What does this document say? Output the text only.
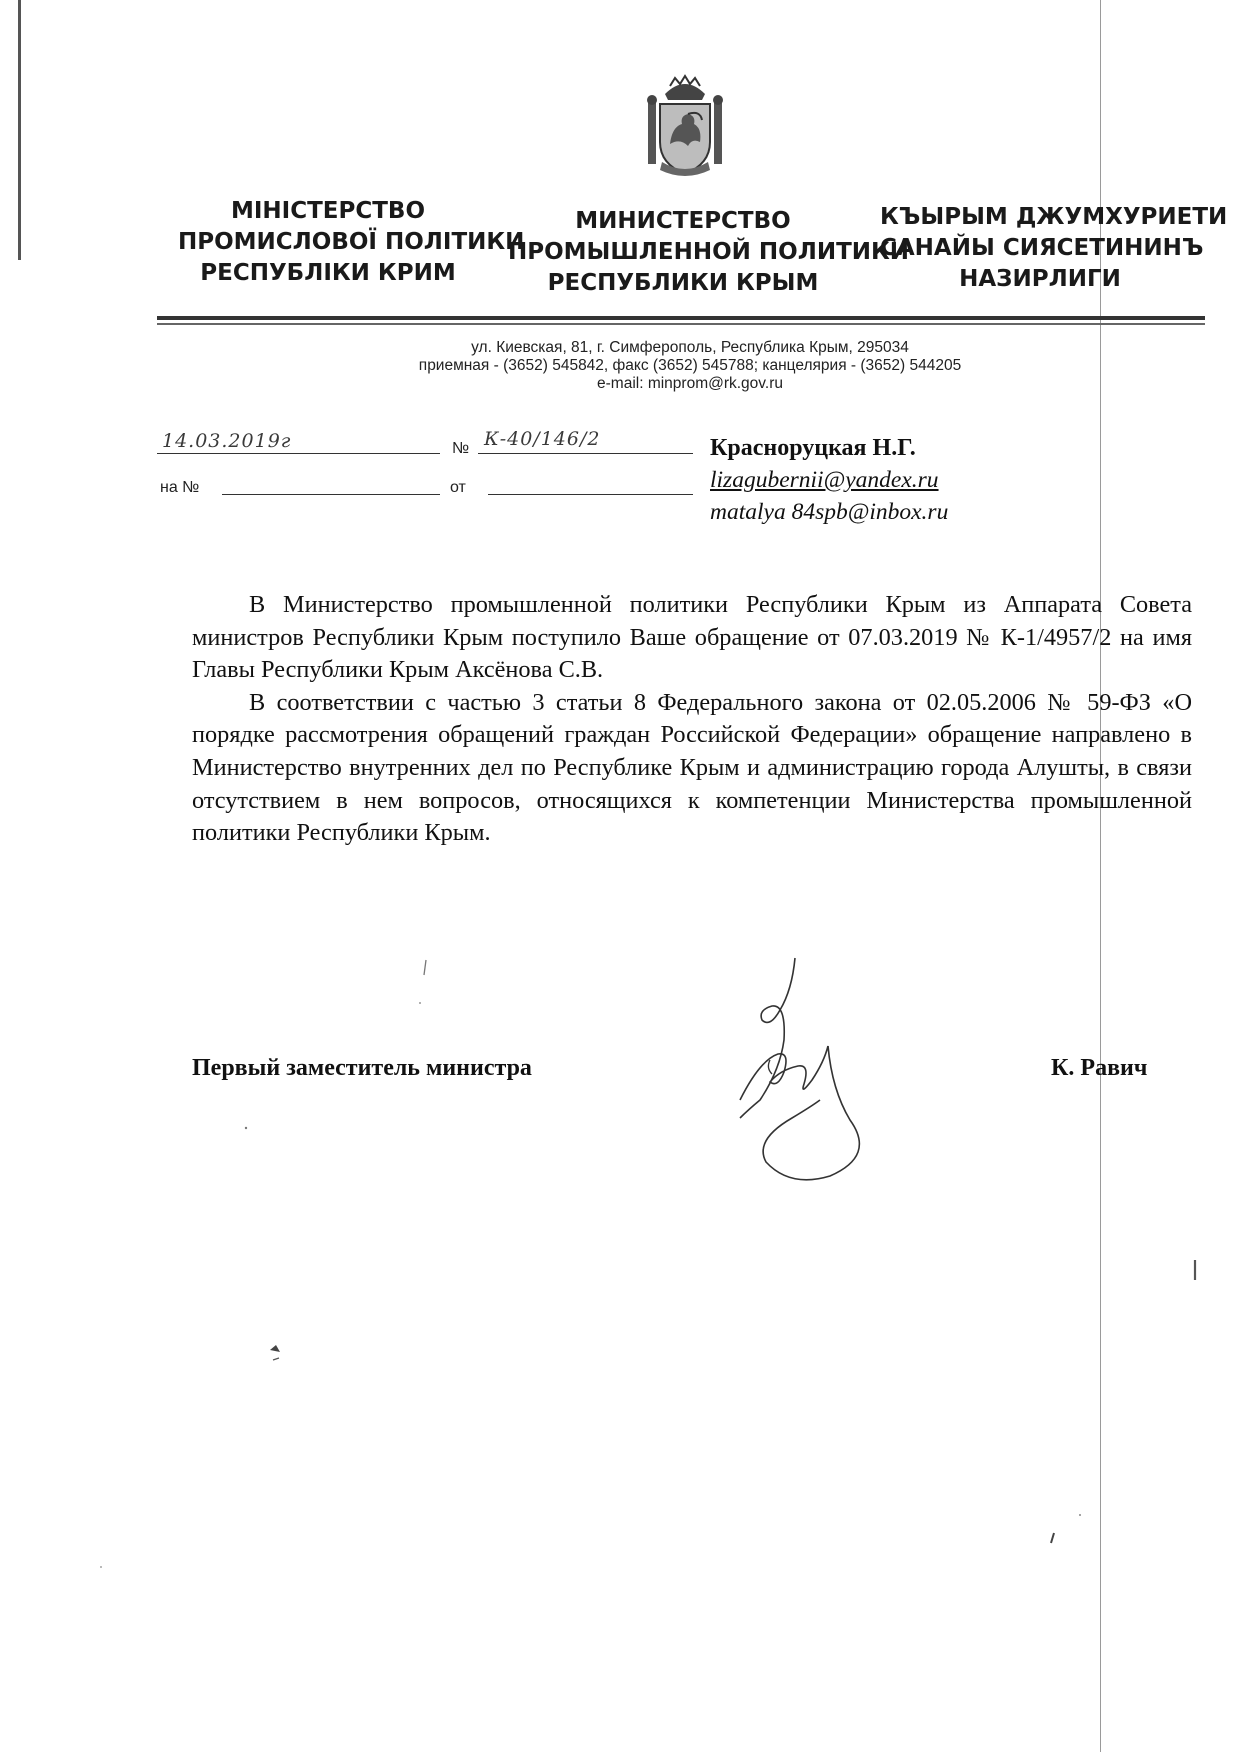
МІНІСТЕРСТВО
ПРОМИСЛОВОЇ ПОЛІТИКИ
РЕСПУБЛІКИ КРИМ
МИНИСТЕРСТВО
ПРОМЫШЛЕННОЙ ПОЛИТИКИ
РЕСПУБЛИКИ КРЫМ
КЪЫРЫМ ДЖУМХУРИЕТИ
САНАЙЫ СИЯСЕТИНИНЪ
НАЗИРЛИГИ
ул. Киевская, 81, г. Симферополь, Республика Крым, 295034
приемная - (3652) 545842, факс (3652) 545788; канцелярия - (3652) 544205
e-mail: minprom@rk.gov.ru
14.03.2019г	№ К-40/146/2
на №	от
Красноруцкая Н.Г.
lizagubernii@yandex.ru
matalya 84spb@inbox.ru

В Министерство промышленной политики Республики Крым из Аппарата Совета министров Республики Крым поступило Ваше обращение от 07.03.2019 № К-1/4957/2 на имя Главы Республики Крым Аксёнова С.В.

В соответствии с частью 3 статьи 8 Федерального закона от 02.05.2006 № 59-ФЗ «О порядке рассмотрения обращений граждан Российской Федерации» обращение направлено в Министерство внутренних дел по Республике Крым и администрацию города Алушты, в связи отсутствием в нем вопросов, относящихся к компетенции Министерства промышленной политики Республики Крым.

Первый заместитель министра	К. Равич
